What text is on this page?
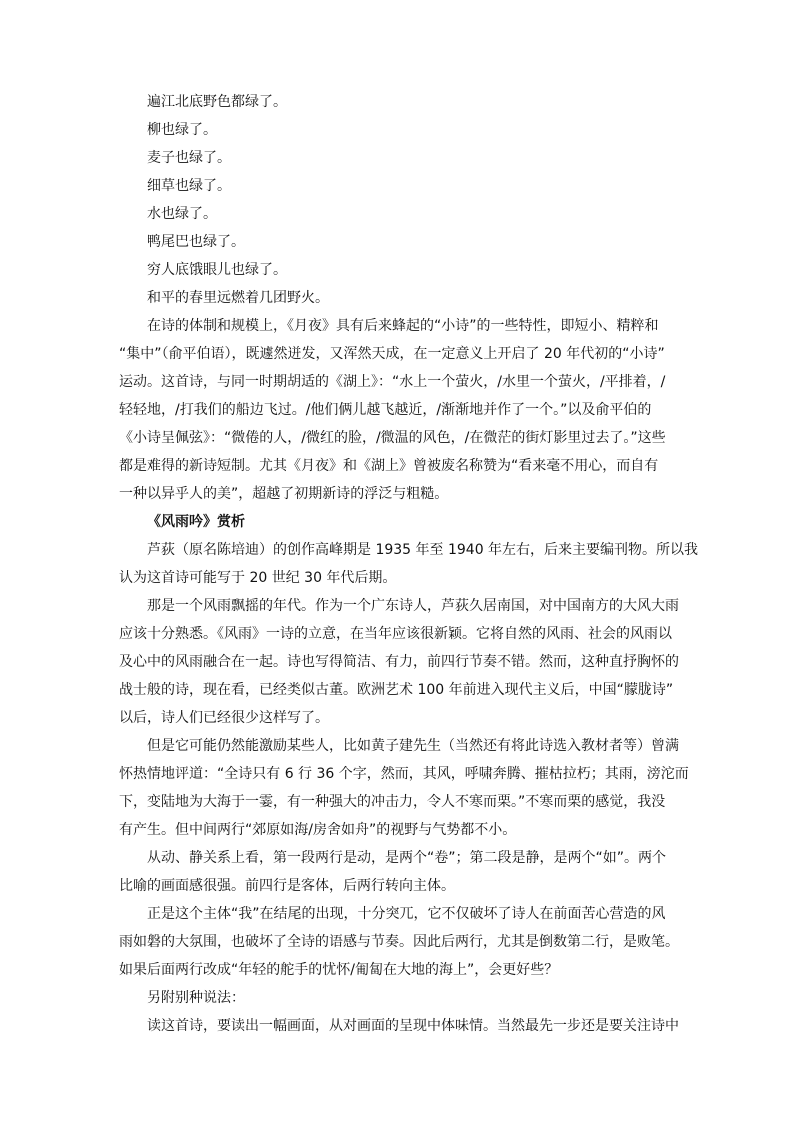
遍江北底野色都绿了。
柳也绿了。
麦子也绿了。
细草也绿了。
水也绿了。
鸭尾巴也绿了。
穷人底饿眼儿也绿了。
和平的春里远燃着几团野火。
在诗的体制和规模上，《月夜》具有后来蜂起的“小诗”的一些特性，即短小、精粹和
“集中”（俞平伯语），既遽然迸发，又浑然天成，在一定意义上开启了 20 年代初的“小诗”
运动。这首诗，与同一时期胡适的《湖上》：“水上一个萤火，/水里一个萤火，/平排着，/
轻轻地，/打我们的船边飞过。/他们俩儿越飞越近，/渐渐地并作了一个。”以及俞平伯的
《小诗呈佩弦》：“微倦的人，/微红的脸，/微温的风色，/在微茫的街灯影里过去了。”这些
都是难得的新诗短制。尤其《月夜》和《湖上》曾被废名称赞为“看来毫不用心，而自有
一种以异乎人的美”，超越了初期新诗的浮泛与粗糙。
《风雨吟》赏析
芦荻（原名陈培迪）的创作高峰期是 1935 年至 1940 年左右，后来主要编刊物。所以我
认为这首诗可能写于 20 世纪 30 年代后期。
那是一个风雨飘摇的年代。作为一个广东诗人，芦荻久居南国，对中国南方的大风大雨
应该十分熟悉。《风雨》一诗的立意，在当年应该很新颖。它将自然的风雨、社会的风雨以
及心中的风雨融合在一起。诗也写得简洁、有力，前四行节奏不错。然而，这种直抒胸怀的
战士般的诗，现在看，已经类似古董。欧洲艺术 100 年前进入现代主义后，中国“朦胧诗”
以后，诗人们已经很少这样写了。
但是它可能仍然能激励某些人，比如黄子建先生（当然还有将此诗选入教材者等）曾满
怀热情地评道：“全诗只有 6 行 36 个字，然而，其风，呼啸奔腾、摧枯拉朽；其雨，滂沱而
下，变陆地为大海于一霎，有一种强大的冲击力，令人不寒而栗。”不寒而栗的感觉，我没
有产生。但中间两行“郊原如海/房舍如舟”的视野与气势都不小。
从动、静关系上看，第一段两行是动，是两个“卷”；第二段是静，是两个“如”。两个
比喻的画面感很强。前四行是客体，后两行转向主体。
正是这个主体“我”在结尾的出现，十分突兀，它不仅破坏了诗人在前面苦心营造的风
雨如磐的大氛围，也破坏了全诗的语感与节奏。因此后两行，尤其是倒数第二行，是败笔。
如果后面两行改成“年轻的舵手的忧怀/匍匐在大地的海上”，会更好些？
另附别种说法：
读这首诗，要读出一幅画面，从对画面的呈现中体味情。当然最先一步还是要关注诗中
